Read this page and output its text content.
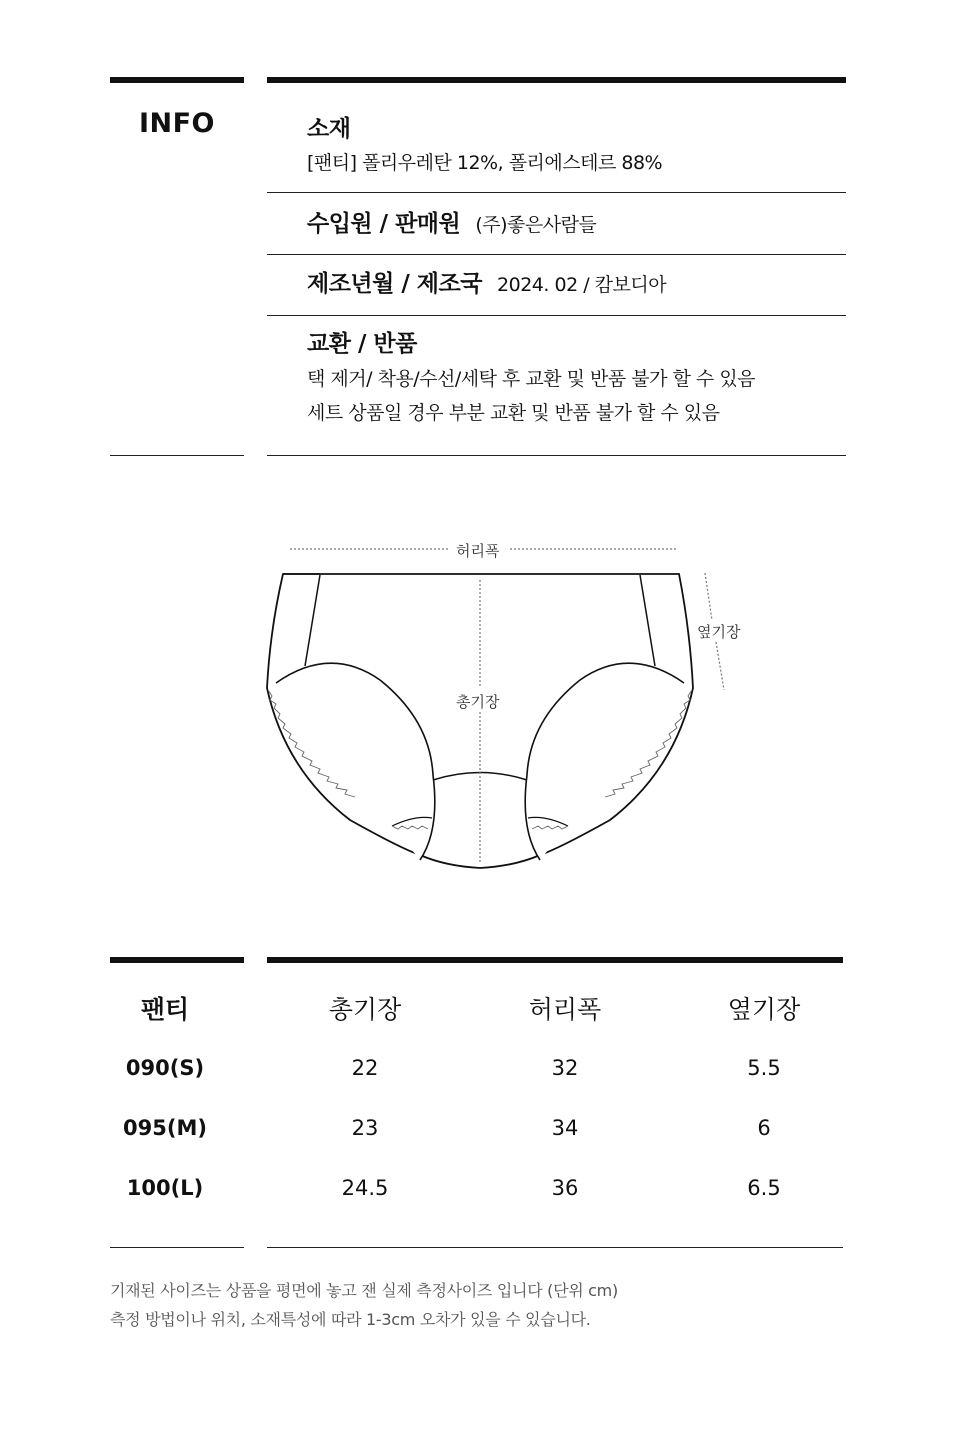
INFO	소재
[팬티] 폴리우레탄 12%, 폴리에스테르 88%
수입원 / 판매원 (주)좋은사람들
제조년월 / 제조국 2024. 02 / 캄보디아
교환 / 반품
택 제거/ 착용/수선/세탁 후 교환 및 반품 불가 할 수 있음
세트 상품일 경우 부분 교환 및 반품 불가 할 수 있음
허리폭
총기장
옆기장
팬티	총기장	허리폭	옆기장
090(S)	22	32	5.5
095(M)	23	34	6
100(L)	24.5	36	6.5
기재된 사이즈는 상품을 평면에 놓고 잰 실제 측정사이즈 입니다 (단위 cm)
측정 방법이나 위치, 소재특성에 따라 1-3cm 오차가 있을 수 있습니다.
